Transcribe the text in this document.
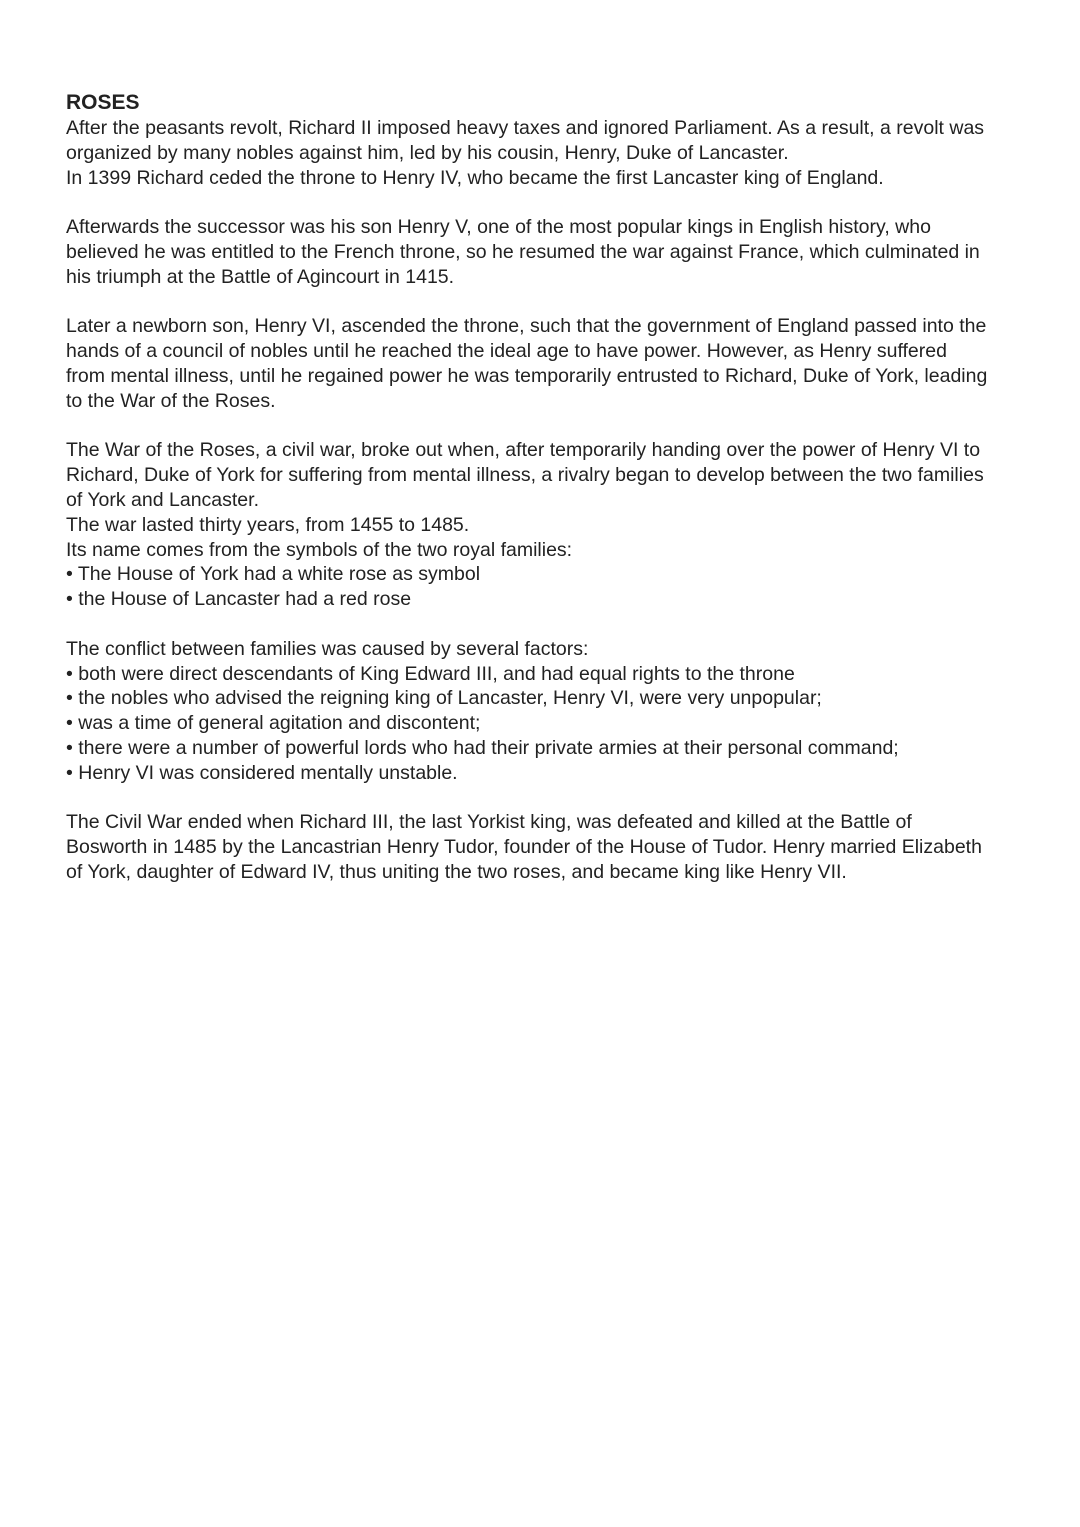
ROSES
After the peasants revolt, Richard II imposed heavy taxes and ignored Parliament. As a result, a revolt was
organized by many nobles against him, led by his cousin, Henry, Duke of Lancaster.
In 1399 Richard ceded the throne to Henry IV, who became the first Lancaster king of England.
Afterwards the successor was his son Henry V, one of the most popular kings in English history, who
believed he was entitled to the French throne, so he resumed the war against France, which culminated in
his triumph at the Battle of Agincourt in 1415.
Later a newborn son, Henry VI, ascended the throne, such that the government of England passed into the
hands of a council of nobles until he reached the ideal age to have power. However, as Henry suffered
from mental illness, until he regained power he was temporarily entrusted to Richard, Duke of York, leading
to the War of the Roses.
The War of the Roses, a civil war, broke out when, after temporarily handing over the power of Henry VI to
Richard, Duke of York for suffering from mental illness, a rivalry began to develop between the two families
of York and Lancaster.
The war lasted thirty years, from 1455 to 1485.
Its name comes from the symbols of the two royal families:
• The House of York had a white rose as symbol
• the House of Lancaster had a red rose
The conflict between families was caused by several factors:
• both were direct descendants of King Edward III, and had equal rights to the throne
• the nobles who advised the reigning king of Lancaster, Henry VI, were very unpopular;
• was a time of general agitation and discontent;
• there were a number of powerful lords who had their private armies at their personal command;
• Henry VI was considered mentally unstable.
The Civil War ended when Richard III, the last Yorkist king, was defeated and killed at the Battle of
Bosworth in 1485 by the Lancastrian Henry Tudor, founder of the House of Tudor. Henry married Elizabeth
of York, daughter of Edward IV, thus uniting the two roses, and became king like Henry VII.
